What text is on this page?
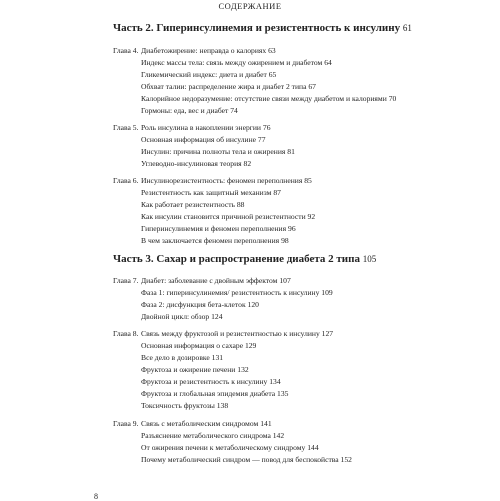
СОДЕРЖАНИЕ
Часть 2. Гиперинсулинемия и резистентность к инсулину 61
Глава 4. Диабетожирение: неправда о калориях 63
Индекс массы тела: связь между ожирением и диабетом 64
Гликемический индекс: диета и диабет 65
Обхват талии: распределение жира и диабет 2 типа 67
Калорийное недоразумение: отсутствие связи между диабетом и калориями 70
Гормоны: еда, вес и диабет 74
Глава 5. Роль инсулина в накоплении энергии 76
Основная информация об инсулине 77
Инсулин: причина полноты тела и ожирения 81
Углеводно-инсулиновая теория 82
Глава 6. Инсулинорезистентность: феномен переполнения 85
Резистентность как защитный механизм 87
Как работает резистентность 88
Как инсулин становится причиной резистентности 92
Гиперинсулинемия и феномен переполнения 96
В чем заключается феномен переполнения 98
Часть 3. Сахар и распространение диабета 2 типа 105
Глава 7. Диабет: заболевание с двойным эффектом 107
Фаза 1: гиперинсулинемия/ резистентность к инсулину 109
Фаза 2: дисфункция бета-клеток 120
Двойной цикл: обзор 124
Глава 8. Связь между фруктозой и резистентностью к инсулину 127
Основная информация о сахаре 129
Все дело в дозировке 131
Фруктоза и ожирение печени 132
Фруктоза и резистентность к инсулину 134
Фруктоза и глобальная эпидемия диабета 135
Токсичность фруктозы 138
Глава 9. Связь с метаболическим синдромом 141
Разъяснение метаболического синдрома 142
От ожирения печени к метаболическому синдрому 144
Почему метаболический синдром — повод для беспокойства 152
8
